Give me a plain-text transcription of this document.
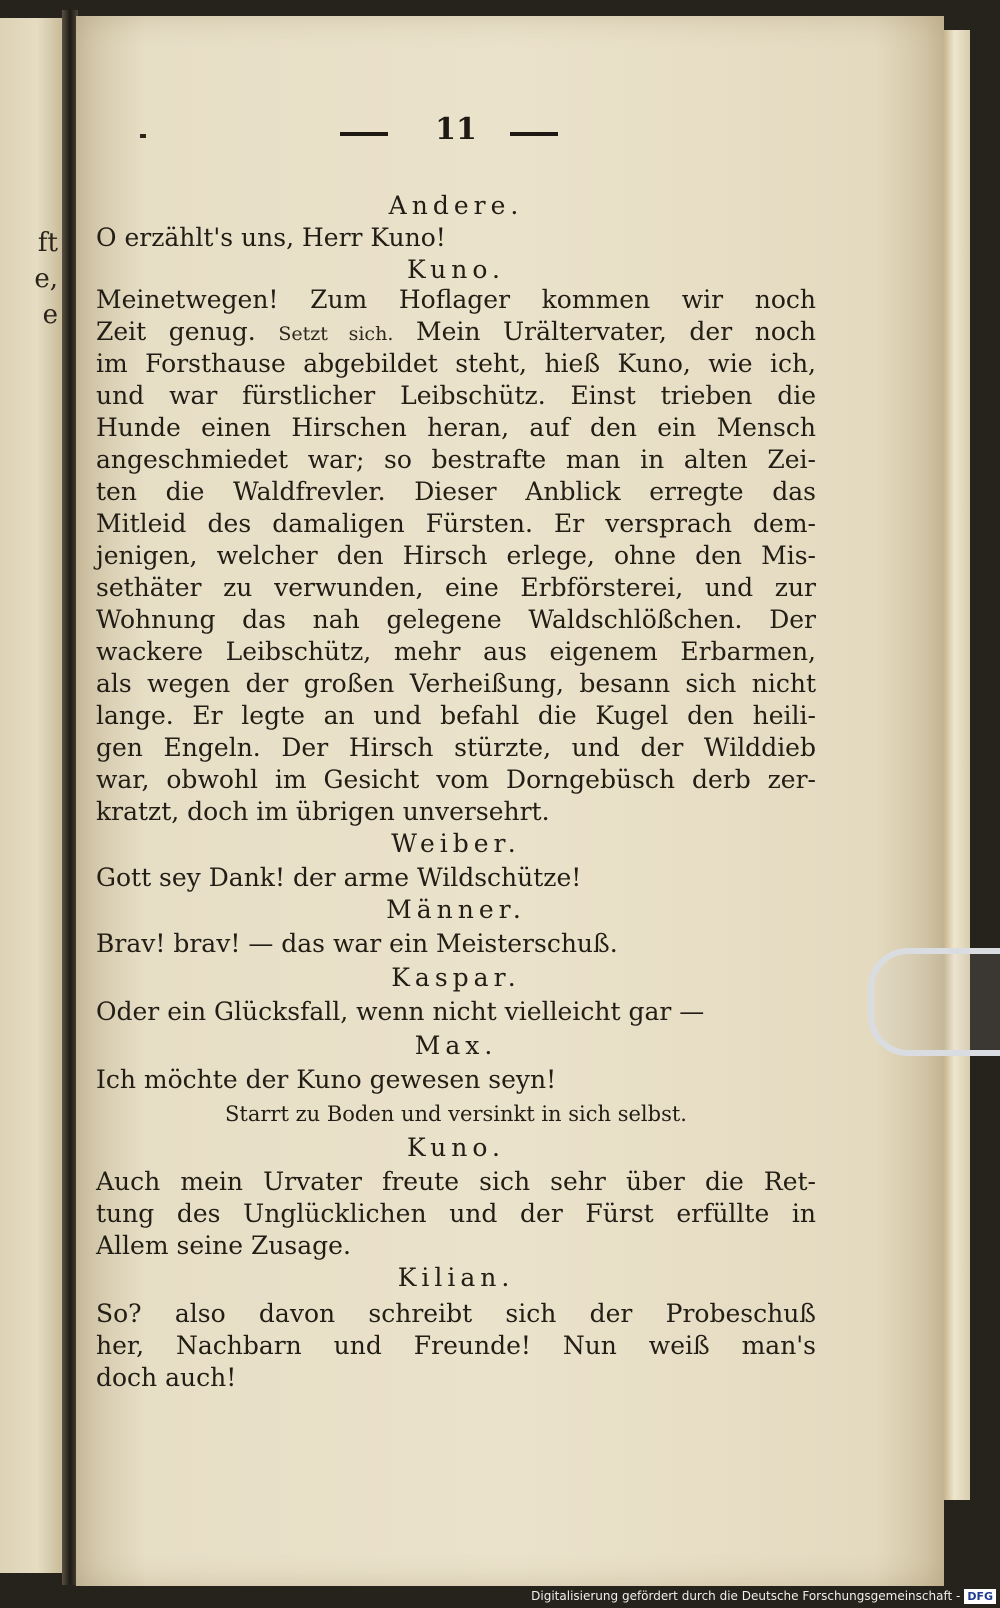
ft
e,
e
11
Andere.
O erzählt's uns, Herr Kuno!
Kuno.
Meinetwegen! Zum Hoflager kommen wir noch
Zeit genug. Setzt sich. Mein Urältervater, der noch
im Forsthause abgebildet steht, hieß Kuno, wie ich,
und war fürstlicher Leibschütz. Einst trieben die
Hunde einen Hirschen heran, auf den ein Mensch
angeschmiedet war; so bestrafte man in alten Zei-
ten die Waldfrevler. Dieser Anblick erregte das
Mitleid des damaligen Fürsten. Er versprach dem-
jenigen, welcher den Hirsch erlege, ohne den Mis-
sethäter zu verwunden, eine Erbförsterei, und zur
Wohnung das nah gelegene Waldschlößchen. Der
wackere Leibschütz, mehr aus eigenem Erbarmen,
als wegen der großen Verheißung, besann sich nicht
lange. Er legte an und befahl die Kugel den heili-
gen Engeln. Der Hirsch stürzte, und der Wilddieb
war, obwohl im Gesicht vom Dorngebüsch derb zer-
kratzt, doch im übrigen unversehrt.
Weiber.
Gott sey Dank! der arme Wildschütze!
Männer.
Brav! brav! — das war ein Meisterschuß.
Kaspar.
Oder ein Glücksfall, wenn nicht vielleicht gar —
Max.
Ich möchte der Kuno gewesen seyn!
Starrt zu Boden und versinkt in sich selbst.
Kuno.
Auch mein Urvater freute sich sehr über die Ret-
tung des Unglücklichen und der Fürst erfüllte in
Allem seine Zusage.
Kilian.
So? also davon schreibt sich der Probeschuß
her, Nachbarn und Freunde! Nun weiß man's
doch auch!
Digitalisierung gefördert durch die Deutsche Forschungsgemeinschaft - DFG
